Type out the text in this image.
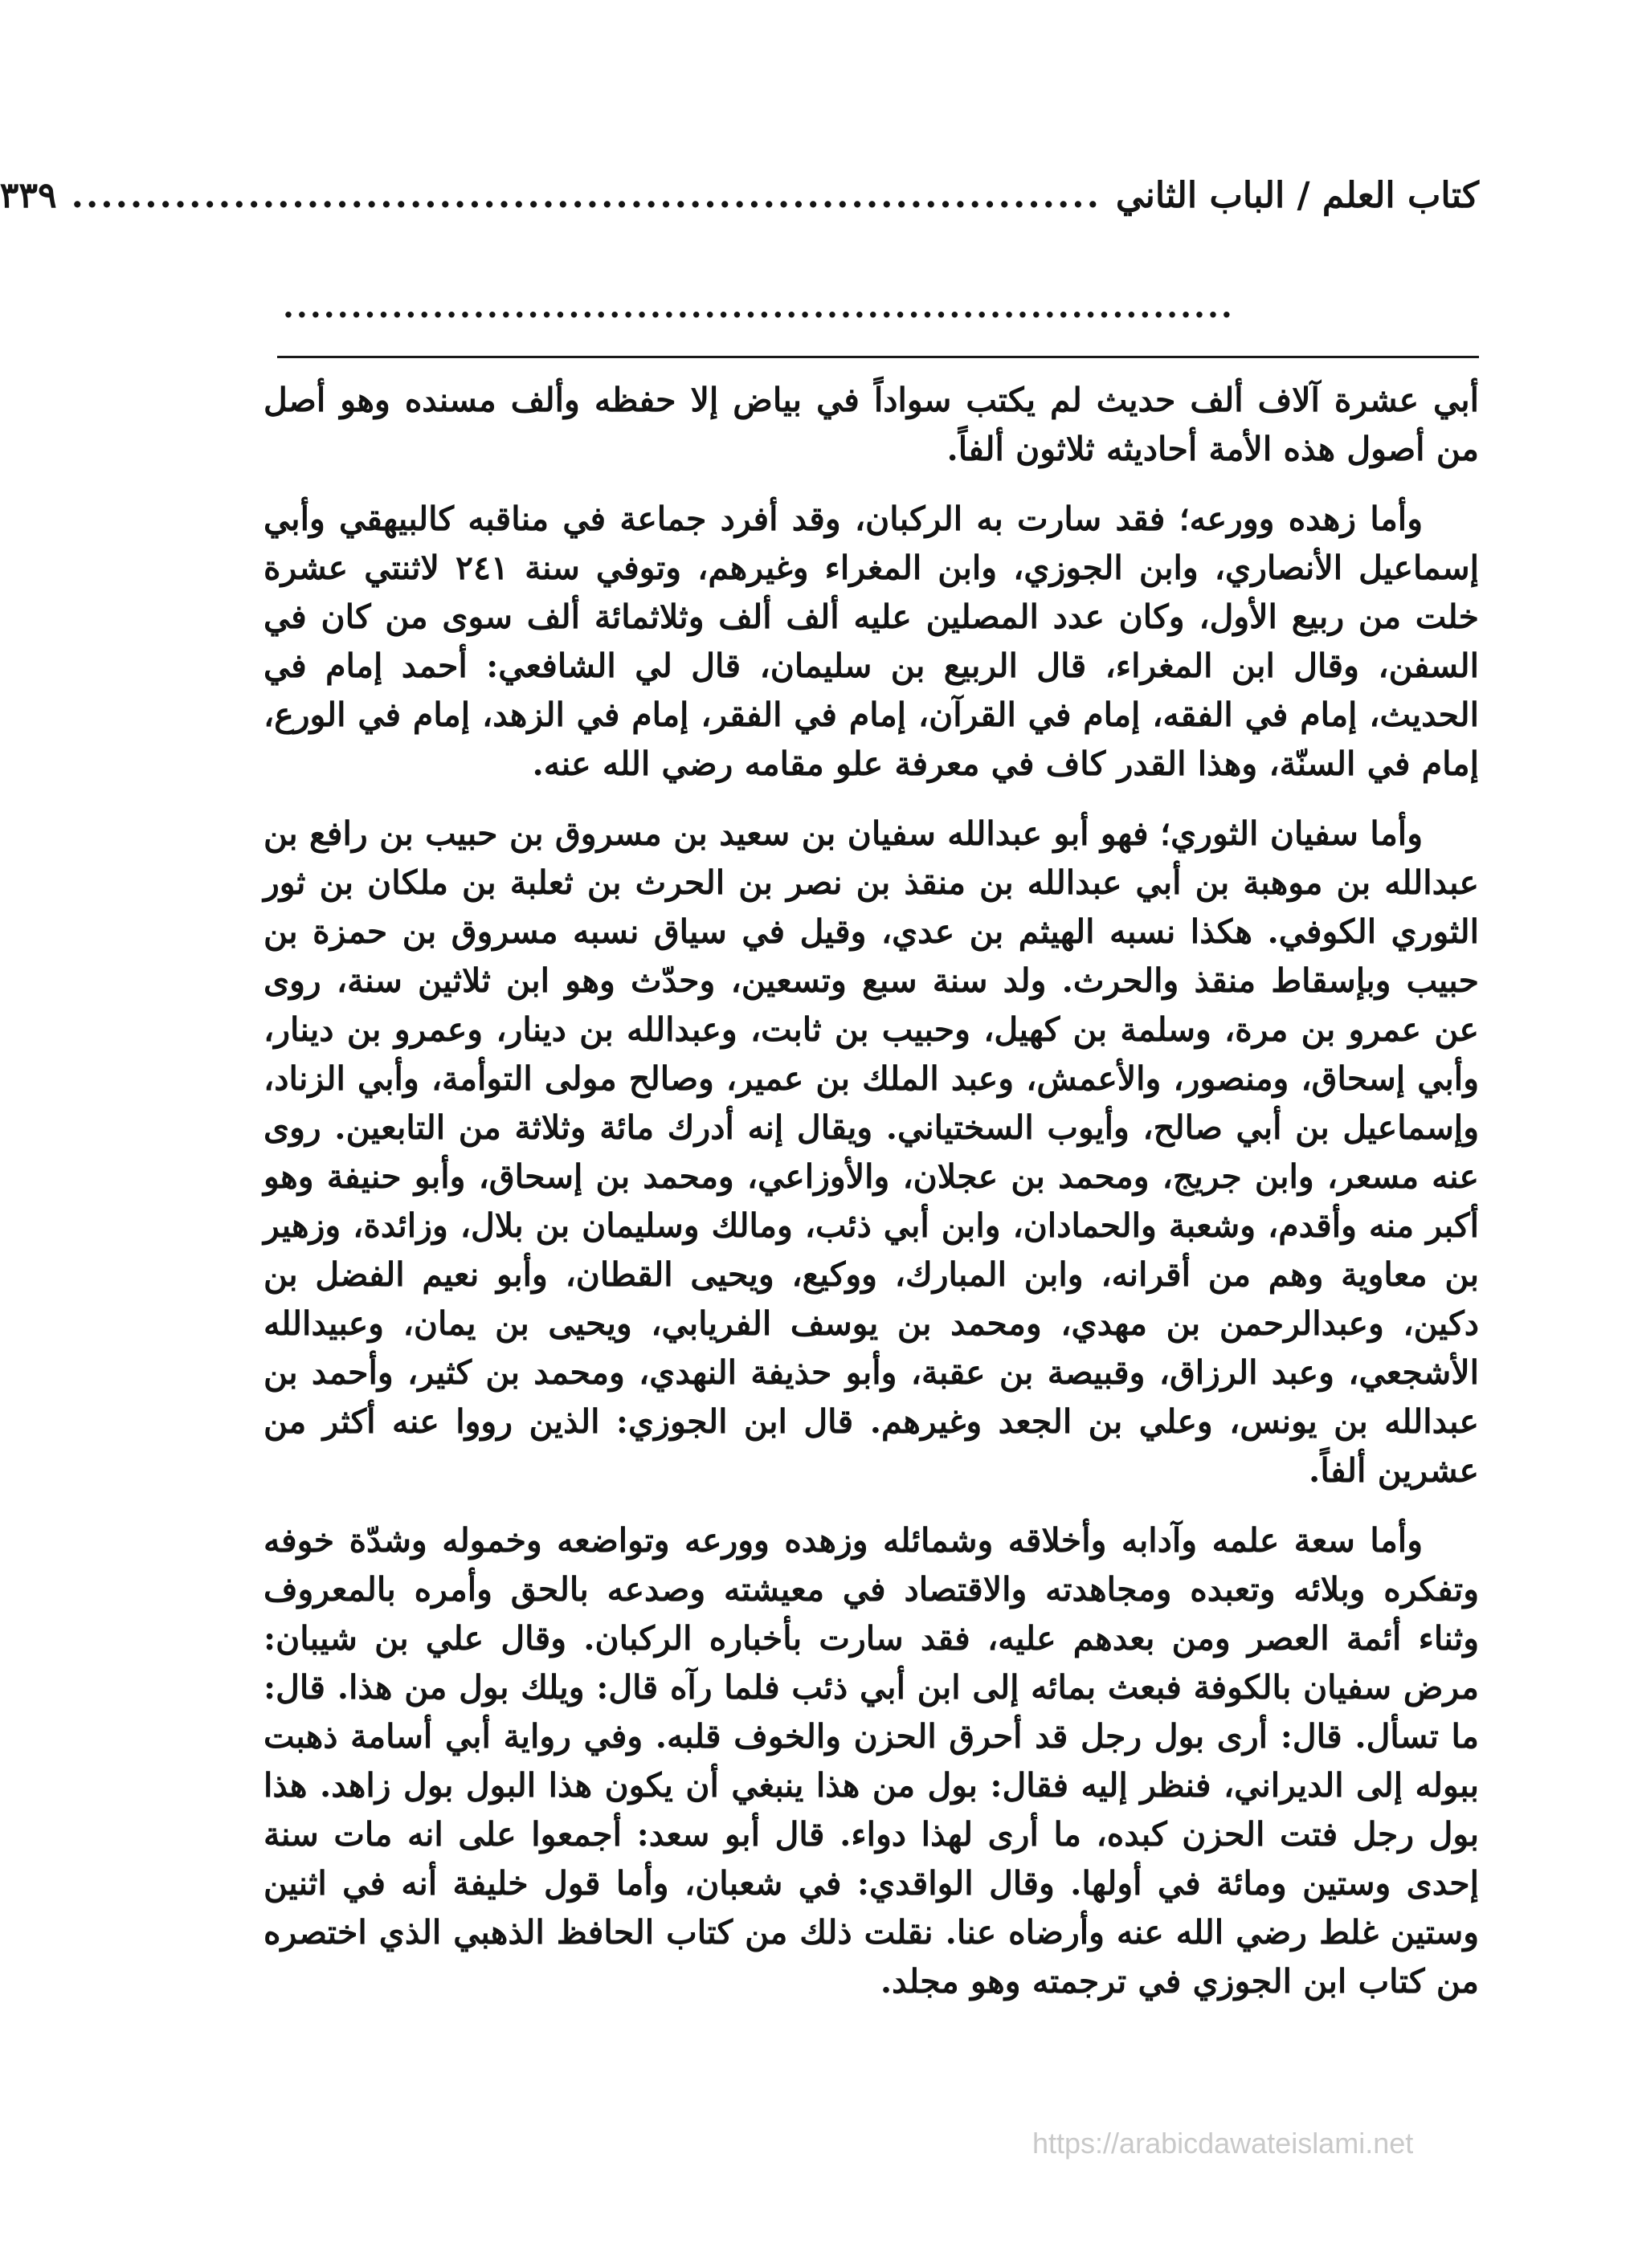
كتاب العلم / الباب الثاني
......................................................................
٣٣٩
......................................................................

أبي عشرة آلاف ألف حديث لم يكتب سواداً في بياض إلا حفظه وألف مسنده وهو أصل من أصول هذه الأمة أحاديثه ثلاثون ألفاً.

وأما زهده وورعه؛ فقد سارت به الركبان، وقد أفرد جماعة في مناقبه كالبيهقي وأبي إسماعيل الأنصاري، وابن الجوزي، وابن المغراء وغيرهم، وتوفي سنة ٢٤١ لاثنتي عشرة خلت من ربيع الأول، وكان عدد المصلين عليه ألف ألف وثلاثمائة ألف سوى من كان في السفن، وقال ابن المغراء، قال الربيع بن سليمان، قال لي الشافعي: أحمد إمام في الحديث، إمام في الفقه، إمام في القرآن، إمام في الفقر، إمام في الزهد، إمام في الورع، إمام في السنّة، وهذا القدر كاف في معرفة علو مقامه رضي الله عنه.

وأما سفيان الثوري؛ فهو أبو عبدالله سفيان بن سعيد بن مسروق بن حبيب بن رافع بن عبدالله بن موهبة بن أبي عبدالله بن منقذ بن نصر بن الحرث بن ثعلبة بن ملكان بن ثور الثوري الكوفي. هكذا نسبه الهيثم بن عدي، وقيل في سياق نسبه مسروق بن حمزة بن حبيب وبإسقاط منقذ والحرث. ولد سنة سبع وتسعين، وحدّث وهو ابن ثلاثين سنة، روى عن عمرو بن مرة، وسلمة بن كهيل، وحبيب بن ثابت، وعبدالله بن دينار، وعمرو بن دينار، وأبي إسحاق، ومنصور، والأعمش، وعبد الملك بن عمير، وصالح مولى التوأمة، وأبي الزناد، وإسماعيل بن أبي صالح، وأيوب السختياني. ويقال إنه أدرك مائة وثلاثة من التابعين. روى عنه مسعر، وابن جريج، ومحمد بن عجلان، والأوزاعي، ومحمد بن إسحاق، وأبو حنيفة وهو أكبر منه وأقدم، وشعبة والحمادان، وابن أبي ذئب، ومالك وسليمان بن بلال، وزائدة، وزهير بن معاوية وهم من أقرانه، وابن المبارك، ووكيع، ويحيى القطان، وأبو نعيم الفضل بن دكين، وعبدالرحمن بن مهدي، ومحمد بن يوسف الفريابي، ويحيى بن يمان، وعبيدالله الأشجعي، وعبد الرزاق، وقبيصة بن عقبة، وأبو حذيفة النهدي، ومحمد بن كثير، وأحمد بن عبدالله بن يونس، وعلي بن الجعد وغيرهم. قال ابن الجوزي: الذين رووا عنه أكثر من عشرين ألفاً.

وأما سعة علمه وآدابه وأخلاقه وشمائله وزهده وورعه وتواضعه وخموله وشدّة خوفه وتفكره وبلائه وتعبده ومجاهدته والاقتصاد في معيشته وصدعه بالحق وأمره بالمعروف وثناء أئمة العصر ومن بعدهم عليه، فقد سارت بأخباره الركبان. وقال علي بن شيبان: مرض سفيان بالكوفة فبعث بمائه إلى ابن أبي ذئب فلما رآه قال: ويلك بول من هذا. قال: ما تسأل. قال: أرى بول رجل قد أحرق الحزن والخوف قلبه. وفي رواية أبي أسامة ذهبت ببوله إلى الديراني، فنظر إليه فقال: بول من هذا ينبغي أن يكون هذا البول بول زاهد. هذا بول رجل فتت الحزن كبده، ما أرى لهذا دواء. قال أبو سعد: أجمعوا على انه مات سنة إحدى وستين ومائة في أولها. وقال الواقدي: في شعبان، وأما قول خليفة أنه في اثنين وستين غلط رضي الله عنه وأرضاه عنا. نقلت ذلك من كتاب الحافظ الذهبي الذي اختصره من كتاب ابن الجوزي في ترجمته وهو مجلد.

https://arabicdawateislami.net
